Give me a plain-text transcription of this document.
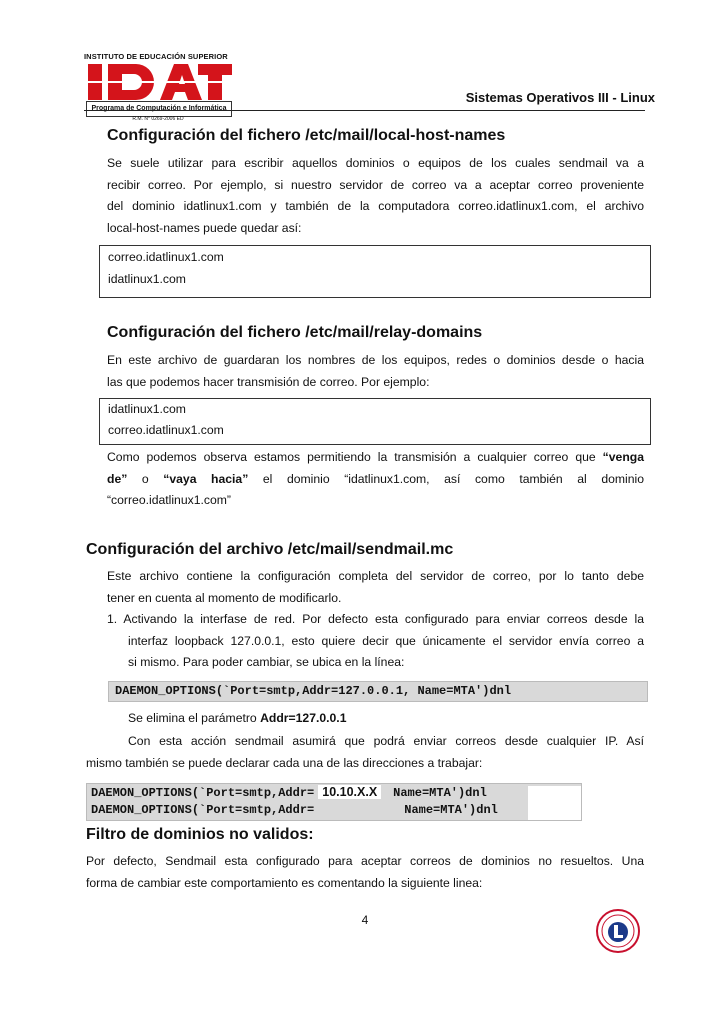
INSTITUTO DE EDUCACIÓN SUPERIOR
Programa de Computación e Informática
R.M. N° 0269-2006 ED
Sistemas Operativos III - Linux
Configuración del fichero /etc/mail/local-host-names
Se suele utilizar para escribir aquellos dominios o equipos de los cuales sendmail va a
recibir correo. Por ejemplo, si nuestro servidor de correo va a aceptar correo proveniente
del dominio idatlinux1.com y también de la computadora correo.idatlinux1.com, el archivo
local-host-names puede quedar así:
correo.idatlinux1.com
idatlinux1.com
Configuración del fichero /etc/mail/relay-domains
En este archivo de guardaran los nombres de los equipos, redes o dominios desde o hacia
las que podemos hacer transmisión de correo. Por ejemplo:
idatlinux1.com
correo.idatlinux1.com
Como podemos observa estamos permitiendo la transmisión a cualquier correo que “venga
de” o “vaya hacia” el dominio “idatlinux1.com, así como también al dominio
“correo.idatlinux1.com”
Configuración del archivo /etc/mail/sendmail.mc
Este archivo contiene la configuración completa del servidor de correo, por lo tanto debe
tener en cuenta al momento de modificarlo.
1. Activando la interfase de red. Por defecto esta configurado para enviar correos desde la
interfaz loopback 127.0.0.1, esto quiere decir que únicamente el servidor envía correo a
si mismo. Para poder cambiar, se ubica en la línea:
DAEMON_OPTIONS(`Port=smtp,Addr=127.0.0.1, Name=MTA')dnl
Se elimina el parámetro Addr=127.0.0.1
Con esta acción sendmail asumirá que podrá enviar correos desde cualquier IP. Así
mismo también se puede declarar cada una de las direcciones a trabajar:
DAEMON_OPTIONS(`Port=smtp,Addr= 10.10.X.X Name=MTA')dnl
DAEMON_OPTIONS(`Port=smtp,Addr=	Name=MTA')dnl
Filtro de dominios no validos:
Por defecto, Sendmail esta configurado para aceptar correos de dominios no resueltos. Una
forma de cambiar este comportamiento es comentando la siguiente linea:
4
